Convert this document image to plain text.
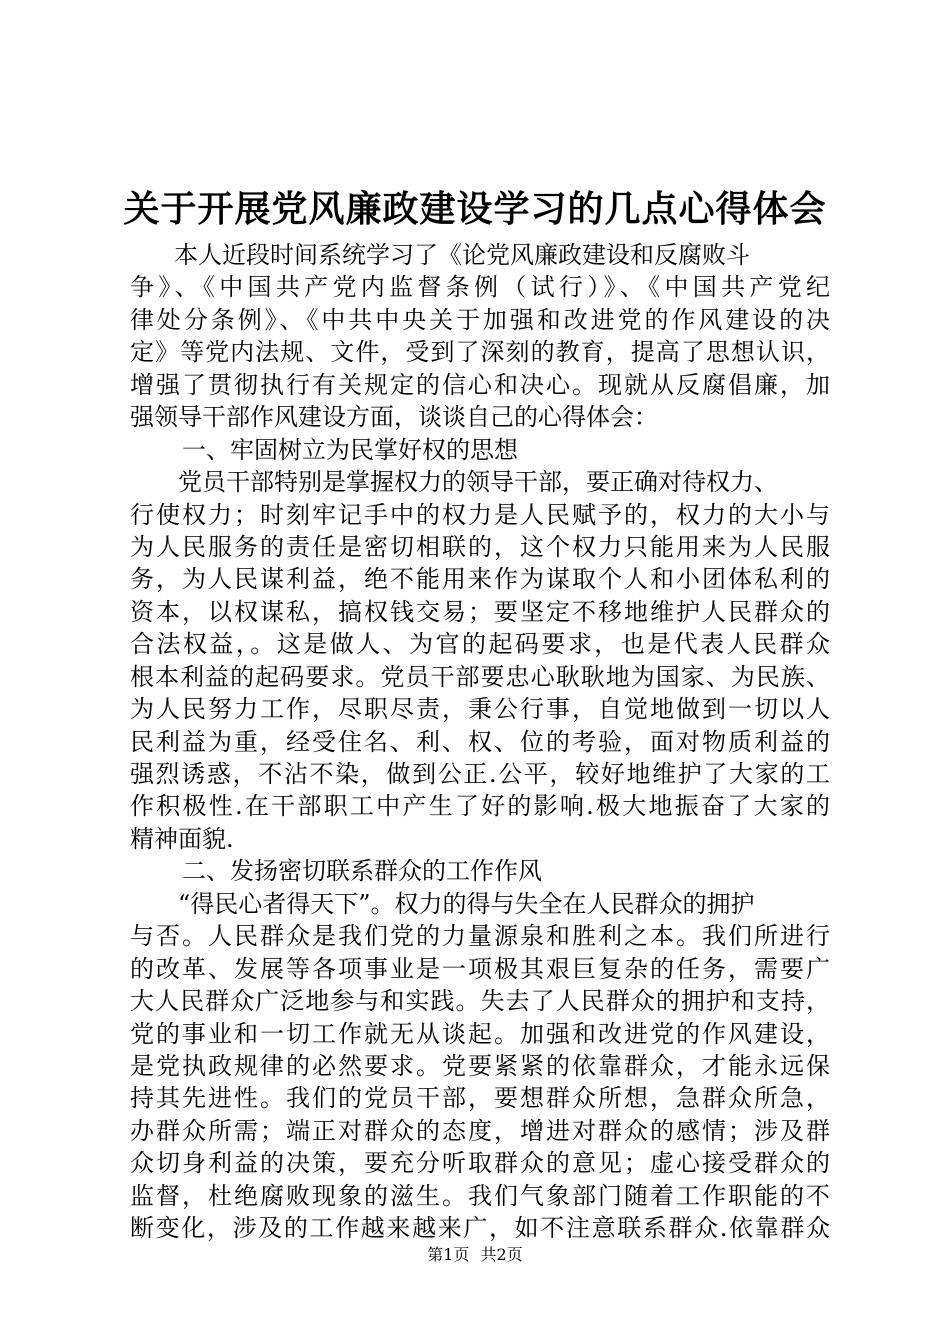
关于开展党风廉政建设学习的几点心得体会
本人近段时间系统学习了《论党风廉政建设和反腐败斗
争》、《中国共产党内监督条例（试行）》、《中国共产党纪
律处分条例》、《中共中央关于加强和改进党的作风建设的决
定》等党内法规、文件，受到了深刻的教育，提高了思想认识，
增强了贯彻执行有关规定的信心和决心。现就从反腐倡廉，加
强领导干部作风建设方面，谈谈自己的心得体会：
一、牢固树立为民掌好权的思想
党员干部特别是掌握权力的领导干部，要正确对待权力、
行使权力；时刻牢记手中的权力是人民赋予的，权力的大小与
为人民服务的责任是密切相联的，这个权力只能用来为人民服
务，为人民谋利益，绝不能用来作为谋取个人和小团体私利的
资本，以权谋私，搞权钱交易；要坚定不移地维护人民群众的
合法权益，。这是做人、为官的起码要求，也是代表人民群众
根本利益的起码要求。党员干部要忠心耿耿地为国家、为民族、
为人民努力工作，尽职尽责，秉公行事，自觉地做到一切以人
民利益为重，经受住名、利、权、位的考验，面对物质利益的
强烈诱惑，不沾不染，做到公正.公平，较好地维护了大家的工
作积极性.在干部职工中产生了好的影响.极大地振奋了大家的
精神面貌.
二、发扬密切联系群众的工作作风
“得民心者得天下”。权力的得与失全在人民群众的拥护
与否。人民群众是我们党的力量源泉和胜利之本。我们所进行
的改革、发展等各项事业是一项极其艰巨复杂的任务，需要广
大人民群众广泛地参与和实践。失去了人民群众的拥护和支持，
党的事业和一切工作就无从谈起。加强和改进党的作风建设，
是党执政规律的必然要求。党要紧紧的依靠群众，才能永远保
持其先进性。我们的党员干部，要想群众所想，急群众所急，
办群众所需；端正对群众的态度，增进对群众的感情；涉及群
众切身利益的决策，要充分听取群众的意见；虚心接受群众的
监督，杜绝腐败现象的滋生。我们气象部门随着工作职能的不
断变化，涉及的工作越来越来广，如不注意联系群众.依靠群众
第1页 共2页
